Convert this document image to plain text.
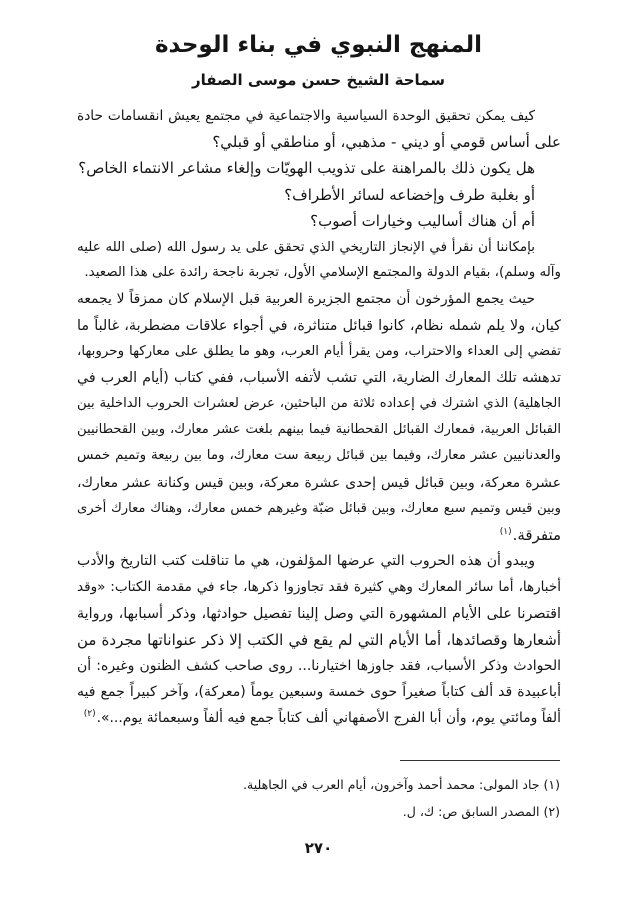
المنهج النبوي في بناء الوحدة
سماحة الشيخ حسن موسى الصفار
كيف يمكن تحقيق الوحدة السياسية والاجتماعية في مجتمع يعيش انقسامات حادة
على أساس قومي أو ديني - مذهبي، أو مناطقي أو قبلي؟
هل يكون ذلك بالمراهنة على تذويب الهويّات وإلغاء مشاعر الانتماء الخاص؟
أو بغلبة طرف وإخضاعه لسائر الأطراف؟
أم أن هناك أساليب وخيارات أصوب؟
بإمكاننا أن نقرأ في الإنجاز التاريخي الذي تحقق على يد رسول الله (صلى الله عليه
وآله وسلم)، بقيام الدولة والمجتمع الإسلامي الأول، تجربة ناجحة رائدة على هذا الصعيد.
حيث يجمع المؤرخون أن مجتمع الجزيرة العربية قبل الإسلام كان ممزقاً لا يجمعه
كيان، ولا يلم شمله نظام، كانوا قبائل متناثرة، في أجواء علاقات مضطربة، غالباً ما
تفضي إلى العداء والاحتراب، ومن يقرأ أيام العرب، وهو ما يطلق على معاركها وحروبها،
تدهشه تلك المعارك الضارية، التي تشب لأتفه الأسباب، ففي كتاب (أيام العرب في
الجاهلية) الذي اشترك في إعداده ثلاثة من الباحثين، عرض لعشرات الحروب الداخلية بين
القبائل العربية، فمعارك القبائل القحطانية فيما بينهم بلغت عشر معارك، وبين القحطانيين
والعدنانيين عشر معارك، وفيما بين قبائل ربيعة ست معارك، وما بين ربيعة وتميم خمس
عشرة معركة، وبين قبائل قيس إحدى عشرة معركة، وبين قيس وكنانة عشر معارك،
وبين قيس وتميم سبع معارك، وبين قبائل ضبّة وغيرهم خمس معارك، وهناك معارك أخرى
متفرقة.$^{(١)}$
ويبدو أن هذه الحروب التي عرضها المؤلفون، هي ما تناقلت كتب التاريخ والأدب
أخبارها، أما سائر المعارك وهي كثيرة فقد تجاوزوا ذكرها، جاء في مقدمة الكتاب: «وقد
اقتصرنا على الأيام المشهورة التي وصل إلينا تفصيل حوادثها، وذكر أسبابها، ورواية
أشعارها وقصائدها، أما الأيام التي لم يقع في الكتب إلا ذكر عنواناتها مجردة من
الحوادث وذكر الأسباب، فقد جاوزها اختيارنا... روى صاحب كشف الظنون وغيره: أن
أباعبيدة قد ألف كتاباً صغيراً حوى خمسة وسبعين يوماً (معركة)، وآخر كبيراً جمع فيه
ألفاً ومائتي يوم، وأن أبا الفرج الأصفهاني ألف كتاباً جمع فيه ألفاً وسبعمائة يوم...».$^{(٢)}$
(١)جاد المولى: محمد أحمد وآخرون، أيام العرب في الجاهلية.
(٢)المصدر السابق ص: ك، ل.
٢٧٠
